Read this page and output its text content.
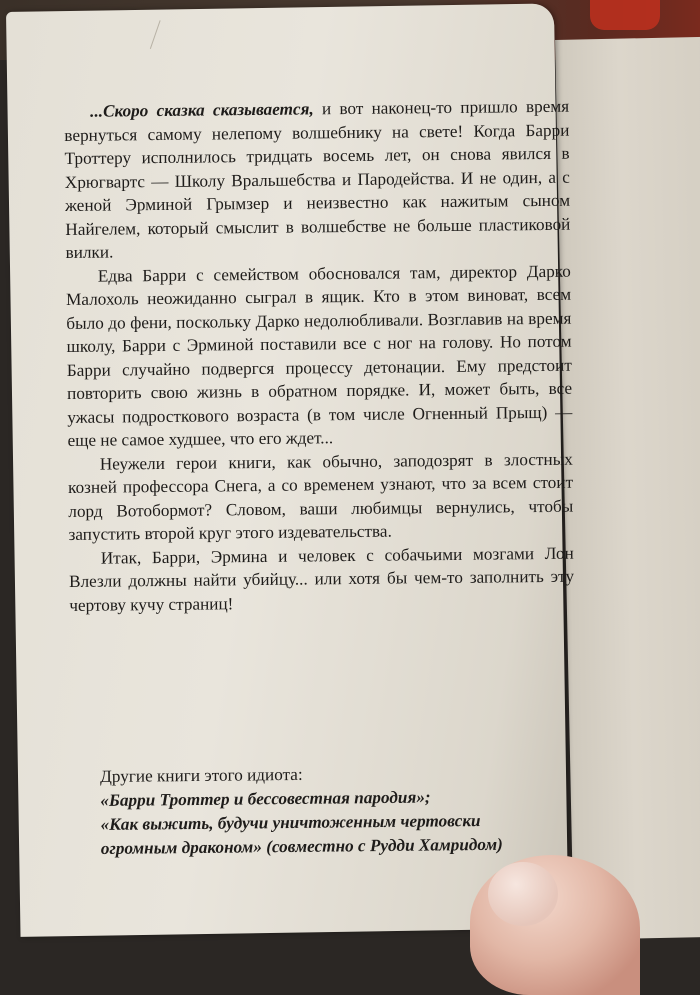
...Скоро сказка сказывается, и вот наконец-то пришло время вернуться самому нелепому волшебнику на свете! Когда Барри Троттеру исполнилось тридцать восемь лет, он снова явился в Хрюгвартс — Школу Вральшебства и Пародейства. И не один, а с женой Эрминой Грымзер и неизвестно как нажитым сыном Найгелем, который смыслит в волшебстве не больше пластиковой вилки.

Едва Барри с семейством обосновался там, директор Дарко Малохоль неожиданно сыграл в ящик. Кто в этом виноват, всем было до фени, поскольку Дарко недолюбливали. Возглавив на время школу, Барри с Эрминой поставили все с ног на голову. Но потом Барри случайно подвергся процессу детонации. Ему предстоит повторить свою жизнь в обратном порядке. И, может быть, все ужасы подросткового возраста (в том числе Огненный Прыщ) — еще не самое худшее, что его ждет...

Неужели герои книги, как обычно, заподозрят в злостных козней профессора Снега, а со временем узнают, что за всем стоит лорд Вотобормот? Словом, ваши любимцы вернулись, чтобы запустить второй круг этого издевательства.

Итак, Барри, Эрмина и человек с собачьими мозгами Лон Влезли должны найти убийцу... или хотя бы чем-то заполнить эту чертову кучу страниц!

Другие книги этого идиота:
«Барри Троттер и бессовестная пародия»;
«Как выжить, будучи уничтоженным чертовски огромным драконом» (совместно с Рудди Хамридом)
